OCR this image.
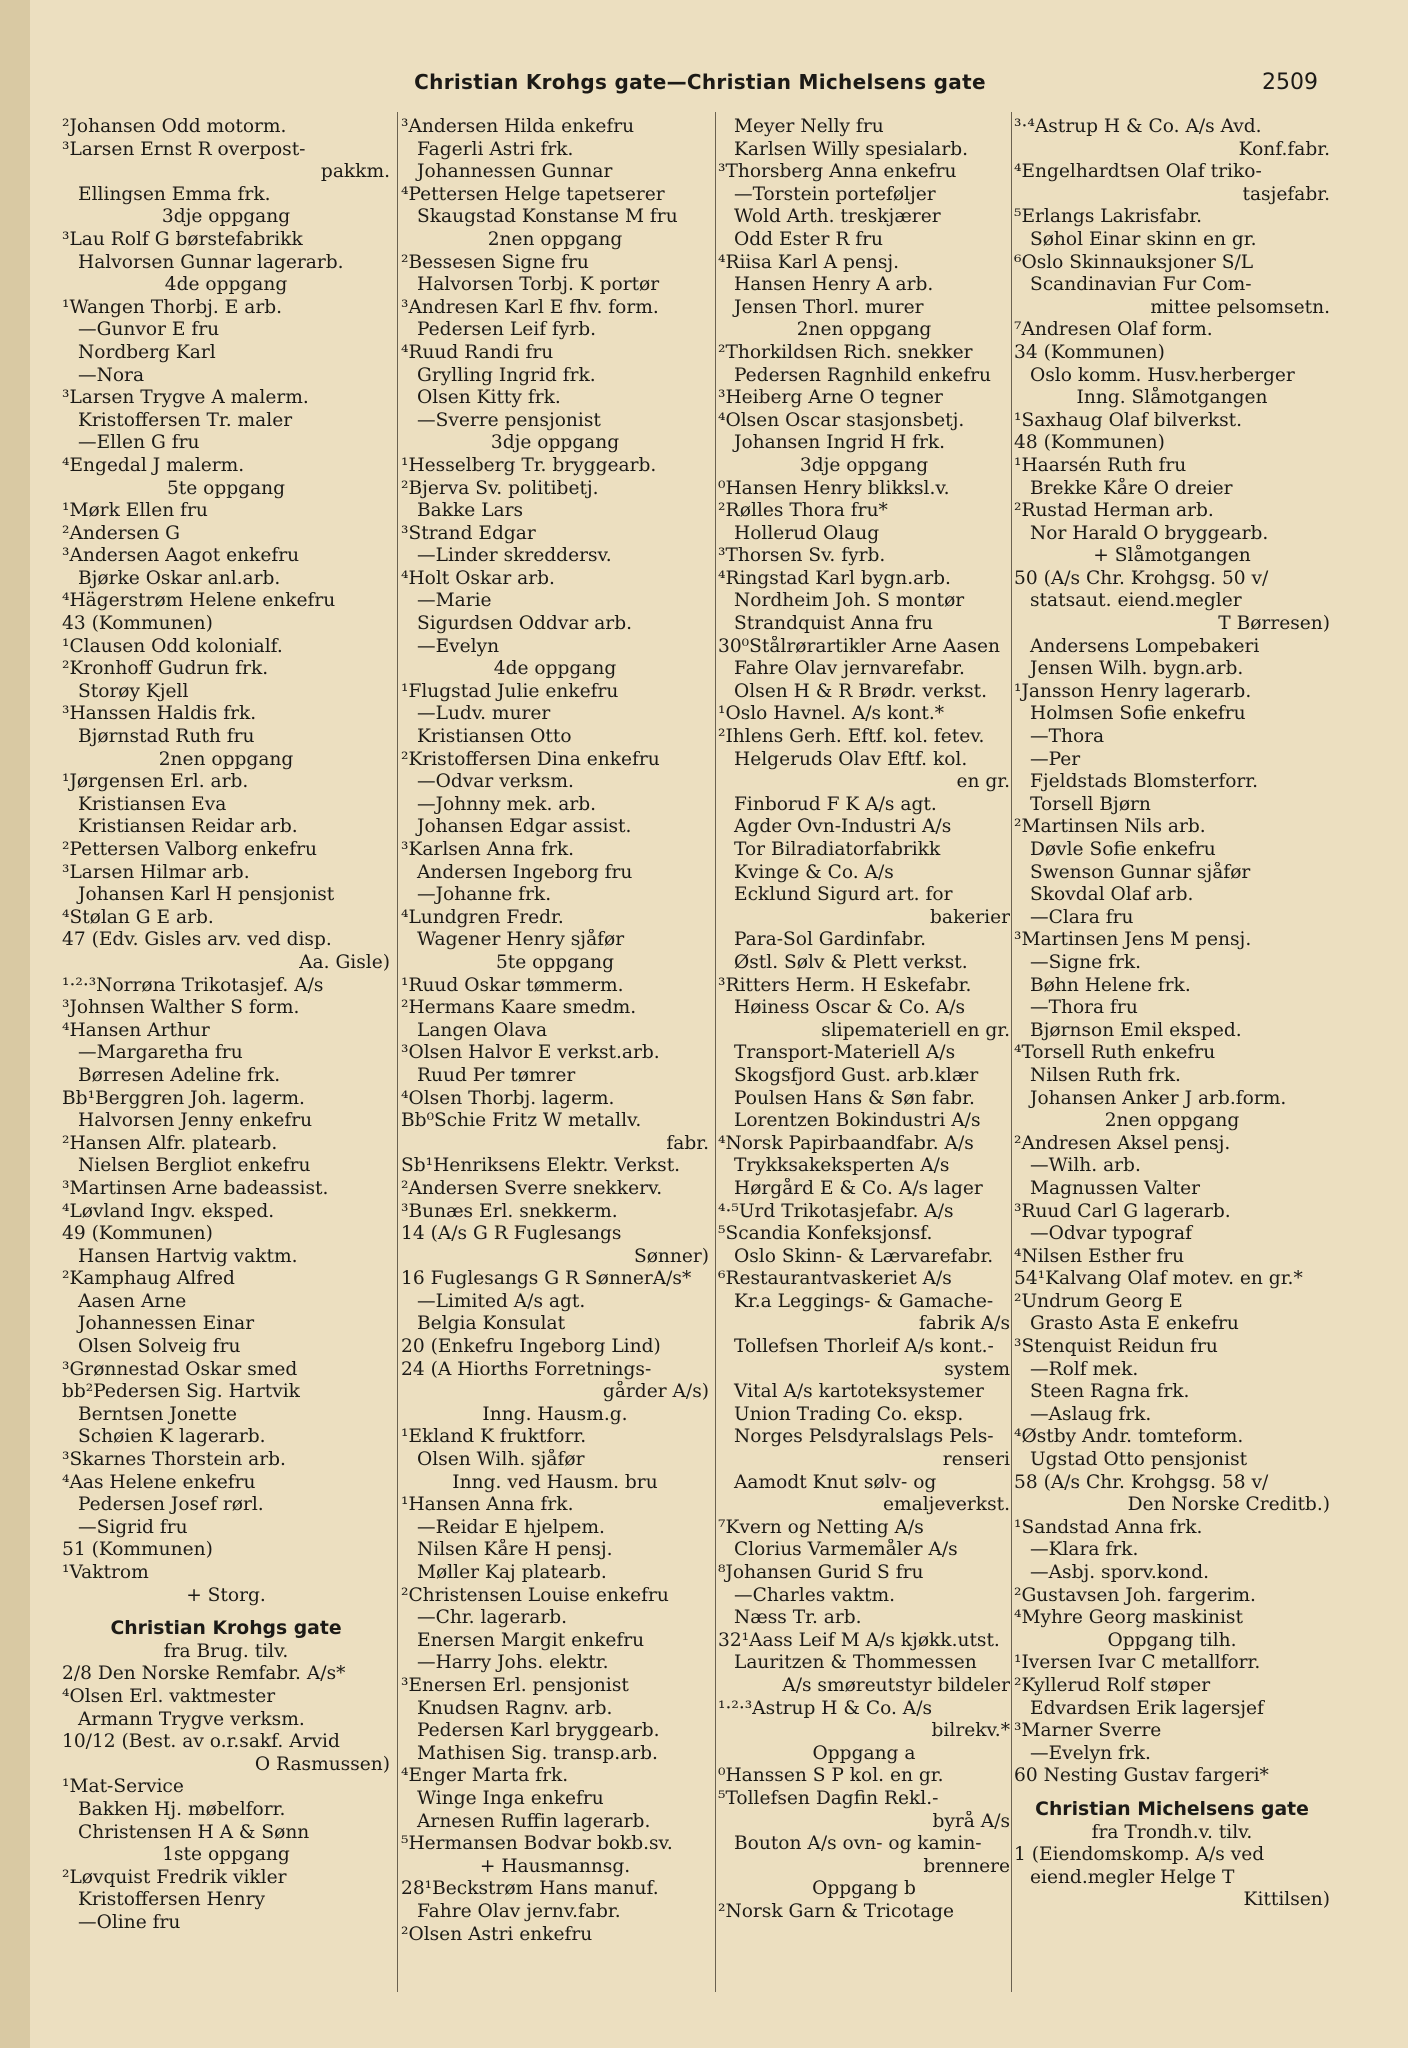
Christian Krohgs gate—Christian Michelsens gate	2509
²Johansen Odd motorm.
³Larsen Ernst R overpost-
pakkm.
Ellingsen Emma frk.
3dje oppgang
³Lau Rolf G børstefabrikk
Halvorsen Gunnar lagerarb.
4de oppgang
¹Wangen Thorbj. E arb.
—Gunvor E fru
Nordberg Karl
—Nora
³Larsen Trygve A malerm.
Kristoffersen Tr. maler
—Ellen G fru
⁴Engedal J malerm.
5te oppgang
¹Mørk Ellen fru
²Andersen G
³Andersen Aagot enkefru
Bjørke Oskar anl.arb.
⁴Hägerstrøm Helene enkefru
43 (Kommunen)
¹Clausen Odd kolonialf.
²Kronhoff Gudrun frk.
Storøy Kjell
³Hanssen Haldis frk.
Bjørnstad Ruth fru
2nen oppgang
¹Jørgensen Erl. arb.
Kristiansen Eva
Kristiansen Reidar arb.
²Pettersen Valborg enkefru
³Larsen Hilmar arb.
Johansen Karl H pensjonist
⁴Stølan G E arb.
47 (Edv. Gisles arv. ved disp.
Aa. Gisle)
¹·²·³Norrøna Trikotasjef. A/s
³Johnsen Walther S form.
⁴Hansen Arthur
—Margaretha fru
Børresen Adeline frk.
Bb¹Berggren Joh. lagerm.
Halvorsen Jenny enkefru
²Hansen Alfr. platearb.
Nielsen Bergliot enkefru
³Martinsen Arne badeassist.
⁴Løvland Ingv. eksped.
49 (Kommunen)
Hansen Hartvig vaktm.
²Kamphaug Alfred
Aasen Arne
Johannessen Einar
Olsen Solveig fru
³Grønnestad Oskar smed
bb²Pedersen Sig. Hartvik
Berntsen Jonette
Schøien K lagerarb.
³Skarnes Thorstein arb.
⁴Aas Helene enkefru
Pedersen Josef rørl.
—Sigrid fru
51 (Kommunen)
¹Vaktrom
+ Storg.
Christian Krohgs gate
fra Brug. tilv.
2/8 Den Norske Remfabr. A/s*
⁴Olsen Erl. vaktmester
Armann Trygve verksm.
10/12 (Best. av o.r.sakf. Arvid
O Rasmussen)
¹Mat-Service
Bakken Hj. møbelforr.
Christensen H A & Sønn
1ste oppgang
²Løvquist Fredrik vikler
Kristoffersen Henry
—Oline fru
³Andersen Hilda enkefru
Fagerli Astri frk.
Johannessen Gunnar
⁴Pettersen Helge tapetserer
Skaugstad Konstanse M fru
2nen oppgang
²Bessesen Signe fru
Halvorsen Torbj. K portør
³Andresen Karl E fhv. form.
Pedersen Leif fyrb.
⁴Ruud Randi fru
Grylling Ingrid frk.
Olsen Kitty frk.
—Sverre pensjonist
3dje oppgang
¹Hesselberg Tr. bryggearb.
²Bjerva Sv. politibetj.
Bakke Lars
³Strand Edgar
—Linder skreddersv.
⁴Holt Oskar arb.
—Marie
Sigurdsen Oddvar arb.
—Evelyn
4de oppgang
¹Flugstad Julie enkefru
—Ludv. murer
Kristiansen Otto
²Kristoffersen Dina enkefru
—Odvar verksm.
—Johnny mek. arb.
Johansen Edgar assist.
³Karlsen Anna frk.
Andersen Ingeborg fru
—Johanne frk.
⁴Lundgren Fredr.
Wagener Henry sjåfør
5te oppgang
¹Ruud Oskar tømmerm.
²Hermans Kaare smedm.
Langen Olava
³Olsen Halvor E verkst.arb.
Ruud Per tømrer
⁴Olsen Thorbj. lagerm.
Bb⁰Schie Fritz W metallv.
fabr.
Sb¹Henriksens Elektr. Verkst.
²Andersen Sverre snekkerv.
³Bunæs Erl. snekkerm.
14 (A/s G R Fuglesangs
Sønner)
16 Fuglesangs G R SønnerA/s*
—Limited A/s agt.
Belgia Konsulat
20 (Enkefru Ingeborg Lind)
24 (A Hiorths Forretnings-
gårder A/s)
Inng. Hausm.g.
¹Ekland K fruktforr.
Olsen Wilh. sjåfør
Inng. ved Hausm. bru
¹Hansen Anna frk.
—Reidar E hjelpem.
Nilsen Kåre H pensj.
Møller Kaj platearb.
²Christensen Louise enkefru
—Chr. lagerarb.
Enersen Margit enkefru
—Harry Johs. elektr.
³Enersen Erl. pensjonist
Knudsen Ragnv. arb.
Pedersen Karl bryggearb.
Mathisen Sig. transp.arb.
⁴Enger Marta frk.
Winge Inga enkefru
Arnesen Ruffin lagerarb.
⁵Hermansen Bodvar bokb.sv.
+ Hausmannsg.
28¹Beckstrøm Hans manuf.
Fahre Olav jernv.fabr.
²Olsen Astri enkefru
Meyer Nelly fru
Karlsen Willy spesialarb.
³Thorsberg Anna enkefru
—Torstein porteføljer
Wold Arth. treskjærer
Odd Ester R fru
⁴Riisa Karl A pensj.
Hansen Henry A arb.
Jensen Thorl. murer
2nen oppgang
²Thorkildsen Rich. snekker
Pedersen Ragnhild enkefru
³Heiberg Arne O tegner
⁴Olsen Oscar stasjonsbetj.
Johansen Ingrid H frk.
3dje oppgang
⁰Hansen Henry blikksl.v.
²Rølles Thora fru*
Hollerud Olaug
³Thorsen Sv. fyrb.
⁴Ringstad Karl bygn.arb.
Nordheim Joh. S montør
Strandquist Anna fru
30⁰Stålrørartikler Arne Aasen
Fahre Olav jernvarefabr.
Olsen H & R Brødr. verkst.
¹Oslo Havnel. A/s kont.*
²Ihlens Gerh. Eftf. kol. fetev.
Helgeruds Olav Eftf. kol.
en gr.
Finborud F K A/s agt.
Agder Ovn-Industri A/s
Tor Bilradiatorfabrikk
Kvinge & Co. A/s
Ecklund Sigurd art. for
bakerier
Para-Sol Gardinfabr.
Østl. Sølv & Plett verkst.
³Ritters Herm. H Eskefabr.
Høiness Oscar & Co. A/s
slipemateriell en gr.
Transport-Materiell A/s
Skogsfjord Gust. arb.klær
Poulsen Hans & Søn fabr.
Lorentzen Bokindustri A/s
⁴Norsk Papirbaandfabr. A/s
Trykksakeksperten A/s
Hørgård E & Co. A/s lager
⁴·⁵Urd Trikotasjefabr. A/s
⁵Scandia Konfeksjonsf.
Oslo Skinn- & Lærvarefabr.
⁶Restaurantvaskeriet A/s
Kr.a Leggings- & Gamache-
fabrik A/s
Tollefsen Thorleif A/s kont.-
system
Vital A/s kartoteksystemer
Union Trading Co. eksp.
Norges Pelsdyralslags Pels-
renseri
Aamodt Knut sølv- og
emaljeverkst.
⁷Kvern og Netting A/s
Clorius Varmemåler A/s
⁸Johansen Gurid S fru
—Charles vaktm.
Næss Tr. arb.
32¹Aass Leif M A/s kjøkk.utst.
Lauritzen & Thommessen
A/s smøreutstyr bildeler
¹·²·³Astrup H & Co. A/s
bilrekv.*
Oppgang a
⁰Hanssen S P kol. en gr.
⁵Tollefsen Dagfin Rekl.-
byrå A/s
Bouton A/s ovn- og kamin-
brennere
Oppgang b
²Norsk Garn & Tricotage
³·⁴Astrup H & Co. A/s Avd.
Konf.fabr.
⁴Engelhardtsen Olaf triko-
tasjefabr.
⁵Erlangs Lakrisfabr.
Søhol Einar skinn en gr.
⁶Oslo Skinnauksjoner S/L
Scandinavian Fur Com-
mittee pelsomsetn.
⁷Andresen Olaf form.
34 (Kommunen)
Oslo komm. Husv.herberger
Inng. Slåmotgangen
¹Saxhaug Olaf bilverkst.
48 (Kommunen)
¹Haarsén Ruth fru
Brekke Kåre O dreier
²Rustad Herman arb.
Nor Harald O bryggearb.
+ Slåmotgangen
50 (A/s Chr. Krohgsg. 50 v/
statsaut. eiend.megler
T Børresen)
Andersens Lompebakeri
Jensen Wilh. bygn.arb.
¹Jansson Henry lagerarb.
Holmsen Sofie enkefru
—Thora
—Per
Fjeldstads Blomsterforr.
Torsell Bjørn
²Martinsen Nils arb.
Døvle Sofie enkefru
Swenson Gunnar sjåfør
Skovdal Olaf arb.
—Clara fru
³Martinsen Jens M pensj.
—Signe frk.
Bøhn Helene frk.
—Thora fru
Bjørnson Emil eksped.
⁴Torsell Ruth enkefru
Nilsen Ruth frk.
Johansen Anker J arb.form.
2nen oppgang
²Andresen Aksel pensj.
—Wilh. arb.
Magnussen Valter
³Ruud Carl G lagerarb.
—Odvar typograf
⁴Nilsen Esther fru
54¹Kalvang Olaf motev. en gr.*
²Undrum Georg E
Grasto Asta E enkefru
³Stenquist Reidun fru
—Rolf mek.
Steen Ragna frk.
—Aslaug frk.
⁴Østby Andr. tomteform.
Ugstad Otto pensjonist
58 (A/s Chr. Krohgsg. 58 v/
Den Norske Creditb.)
¹Sandstad Anna frk.
—Klara frk.
—Asbj. sporv.kond.
²Gustavsen Joh. fargerim.
⁴Myhre Georg maskinist
Oppgang tilh.
¹Iversen Ivar C metallforr.
²Kyllerud Rolf støper
Edvardsen Erik lagersjef
³Marner Sverre
—Evelyn frk.
60 Nesting Gustav fargeri*
Christian Michelsens gate
fra Trondh.v. tilv.
1 (Eiendomskomp. A/s ved
eiend.megler Helge T
Kittilsen)
